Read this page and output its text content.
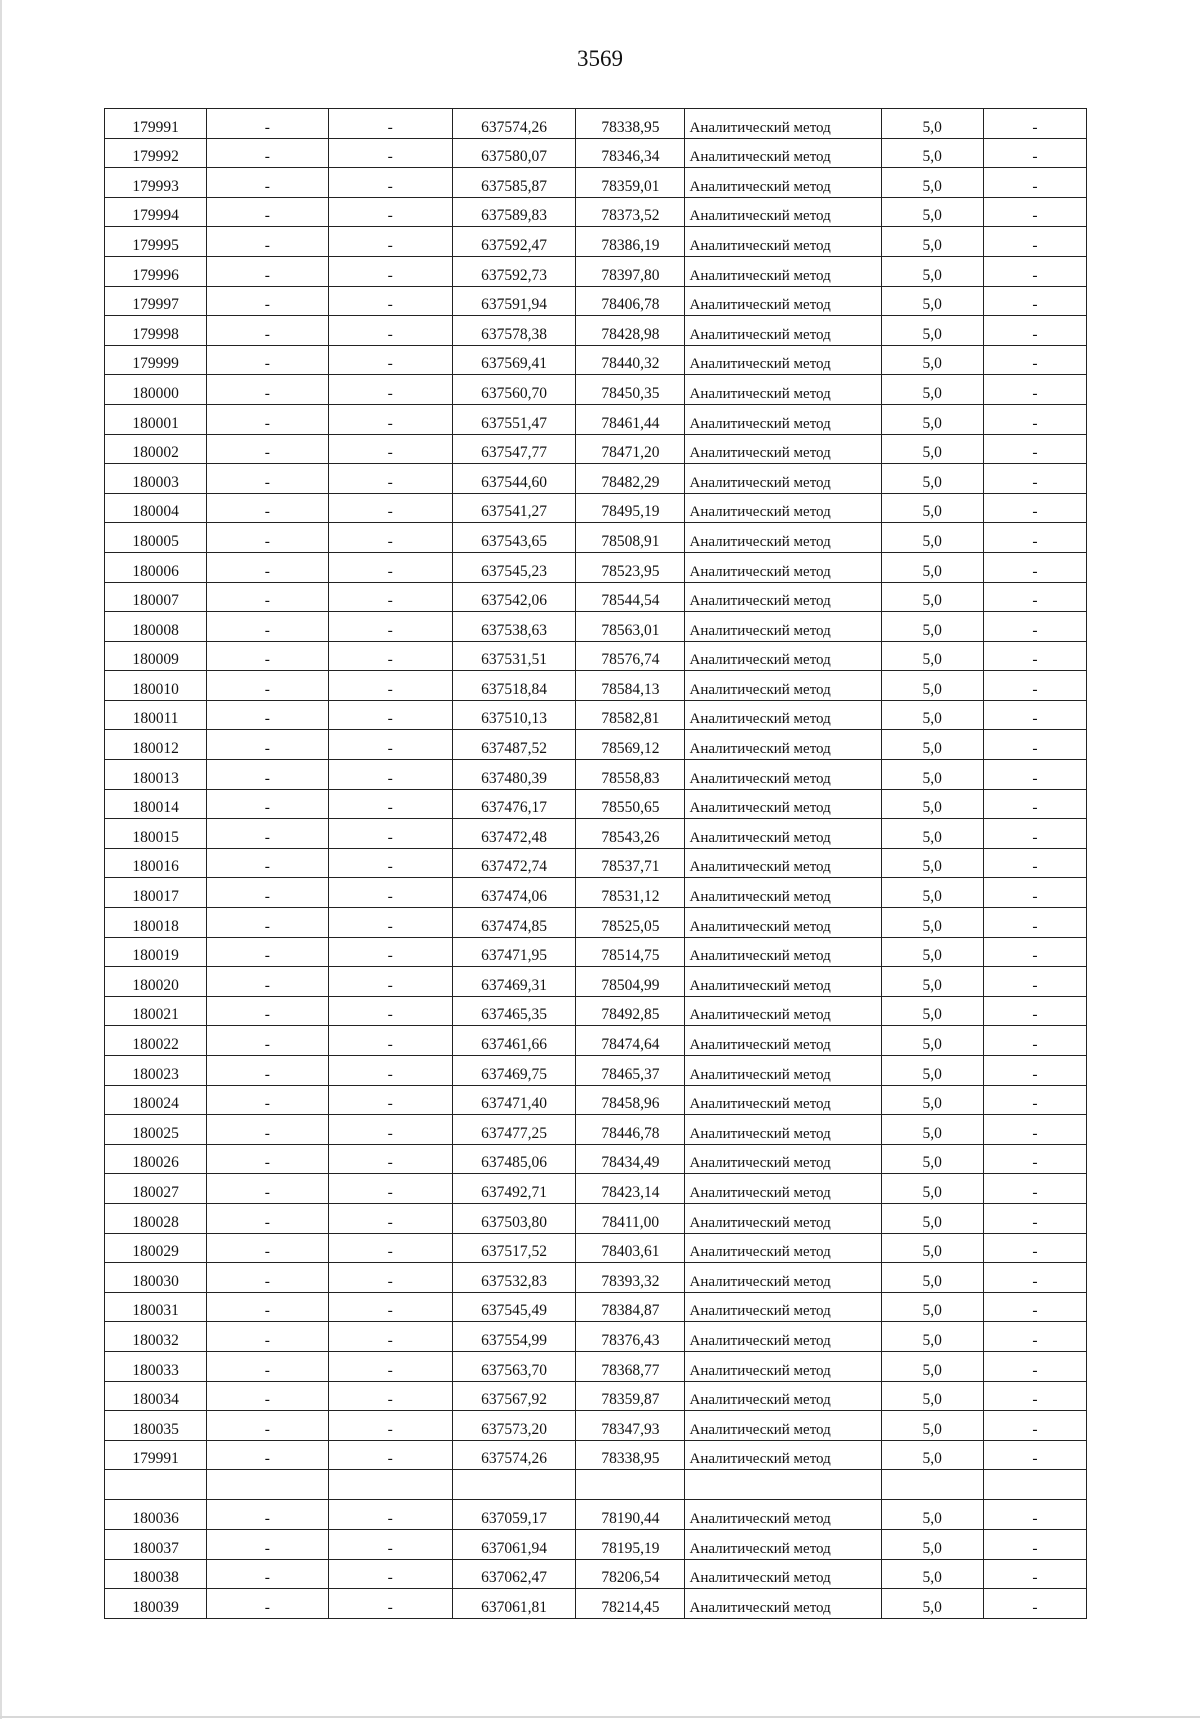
3569
179991	-	-	637574,26	78338,95	Аналитический метод	5,0	-
179992	-	-	637580,07	78346,34	Аналитический метод	5,0	-
179993	-	-	637585,87	78359,01	Аналитический метод	5,0	-
179994	-	-	637589,83	78373,52	Аналитический метод	5,0	-
179995	-	-	637592,47	78386,19	Аналитический метод	5,0	-
179996	-	-	637592,73	78397,80	Аналитический метод	5,0	-
179997	-	-	637591,94	78406,78	Аналитический метод	5,0	-
179998	-	-	637578,38	78428,98	Аналитический метод	5,0	-
179999	-	-	637569,41	78440,32	Аналитический метод	5,0	-
180000	-	-	637560,70	78450,35	Аналитический метод	5,0	-
180001	-	-	637551,47	78461,44	Аналитический метод	5,0	-
180002	-	-	637547,77	78471,20	Аналитический метод	5,0	-
180003	-	-	637544,60	78482,29	Аналитический метод	5,0	-
180004	-	-	637541,27	78495,19	Аналитический метод	5,0	-
180005	-	-	637543,65	78508,91	Аналитический метод	5,0	-
180006	-	-	637545,23	78523,95	Аналитический метод	5,0	-
180007	-	-	637542,06	78544,54	Аналитический метод	5,0	-
180008	-	-	637538,63	78563,01	Аналитический метод	5,0	-
180009	-	-	637531,51	78576,74	Аналитический метод	5,0	-
180010	-	-	637518,84	78584,13	Аналитический метод	5,0	-
180011	-	-	637510,13	78582,81	Аналитический метод	5,0	-
180012	-	-	637487,52	78569,12	Аналитический метод	5,0	-
180013	-	-	637480,39	78558,83	Аналитический метод	5,0	-
180014	-	-	637476,17	78550,65	Аналитический метод	5,0	-
180015	-	-	637472,48	78543,26	Аналитический метод	5,0	-
180016	-	-	637472,74	78537,71	Аналитический метод	5,0	-
180017	-	-	637474,06	78531,12	Аналитический метод	5,0	-
180018	-	-	637474,85	78525,05	Аналитический метод	5,0	-
180019	-	-	637471,95	78514,75	Аналитический метод	5,0	-
180020	-	-	637469,31	78504,99	Аналитический метод	5,0	-
180021	-	-	637465,35	78492,85	Аналитический метод	5,0	-
180022	-	-	637461,66	78474,64	Аналитический метод	5,0	-
180023	-	-	637469,75	78465,37	Аналитический метод	5,0	-
180024	-	-	637471,40	78458,96	Аналитический метод	5,0	-
180025	-	-	637477,25	78446,78	Аналитический метод	5,0	-
180026	-	-	637485,06	78434,49	Аналитический метод	5,0	-
180027	-	-	637492,71	78423,14	Аналитический метод	5,0	-
180028	-	-	637503,80	78411,00	Аналитический метод	5,0	-
180029	-	-	637517,52	78403,61	Аналитический метод	5,0	-
180030	-	-	637532,83	78393,32	Аналитический метод	5,0	-
180031	-	-	637545,49	78384,87	Аналитический метод	5,0	-
180032	-	-	637554,99	78376,43	Аналитический метод	5,0	-
180033	-	-	637563,70	78368,77	Аналитический метод	5,0	-
180034	-	-	637567,92	78359,87	Аналитический метод	5,0	-
180035	-	-	637573,20	78347,93	Аналитический метод	5,0	-
179991	-	-	637574,26	78338,95	Аналитический метод	5,0	-

180036	-	-	637059,17	78190,44	Аналитический метод	5,0	-
180037	-	-	637061,94	78195,19	Аналитический метод	5,0	-
180038	-	-	637062,47	78206,54	Аналитический метод	5,0	-
180039	-	-	637061,81	78214,45	Аналитический метод	5,0	-
